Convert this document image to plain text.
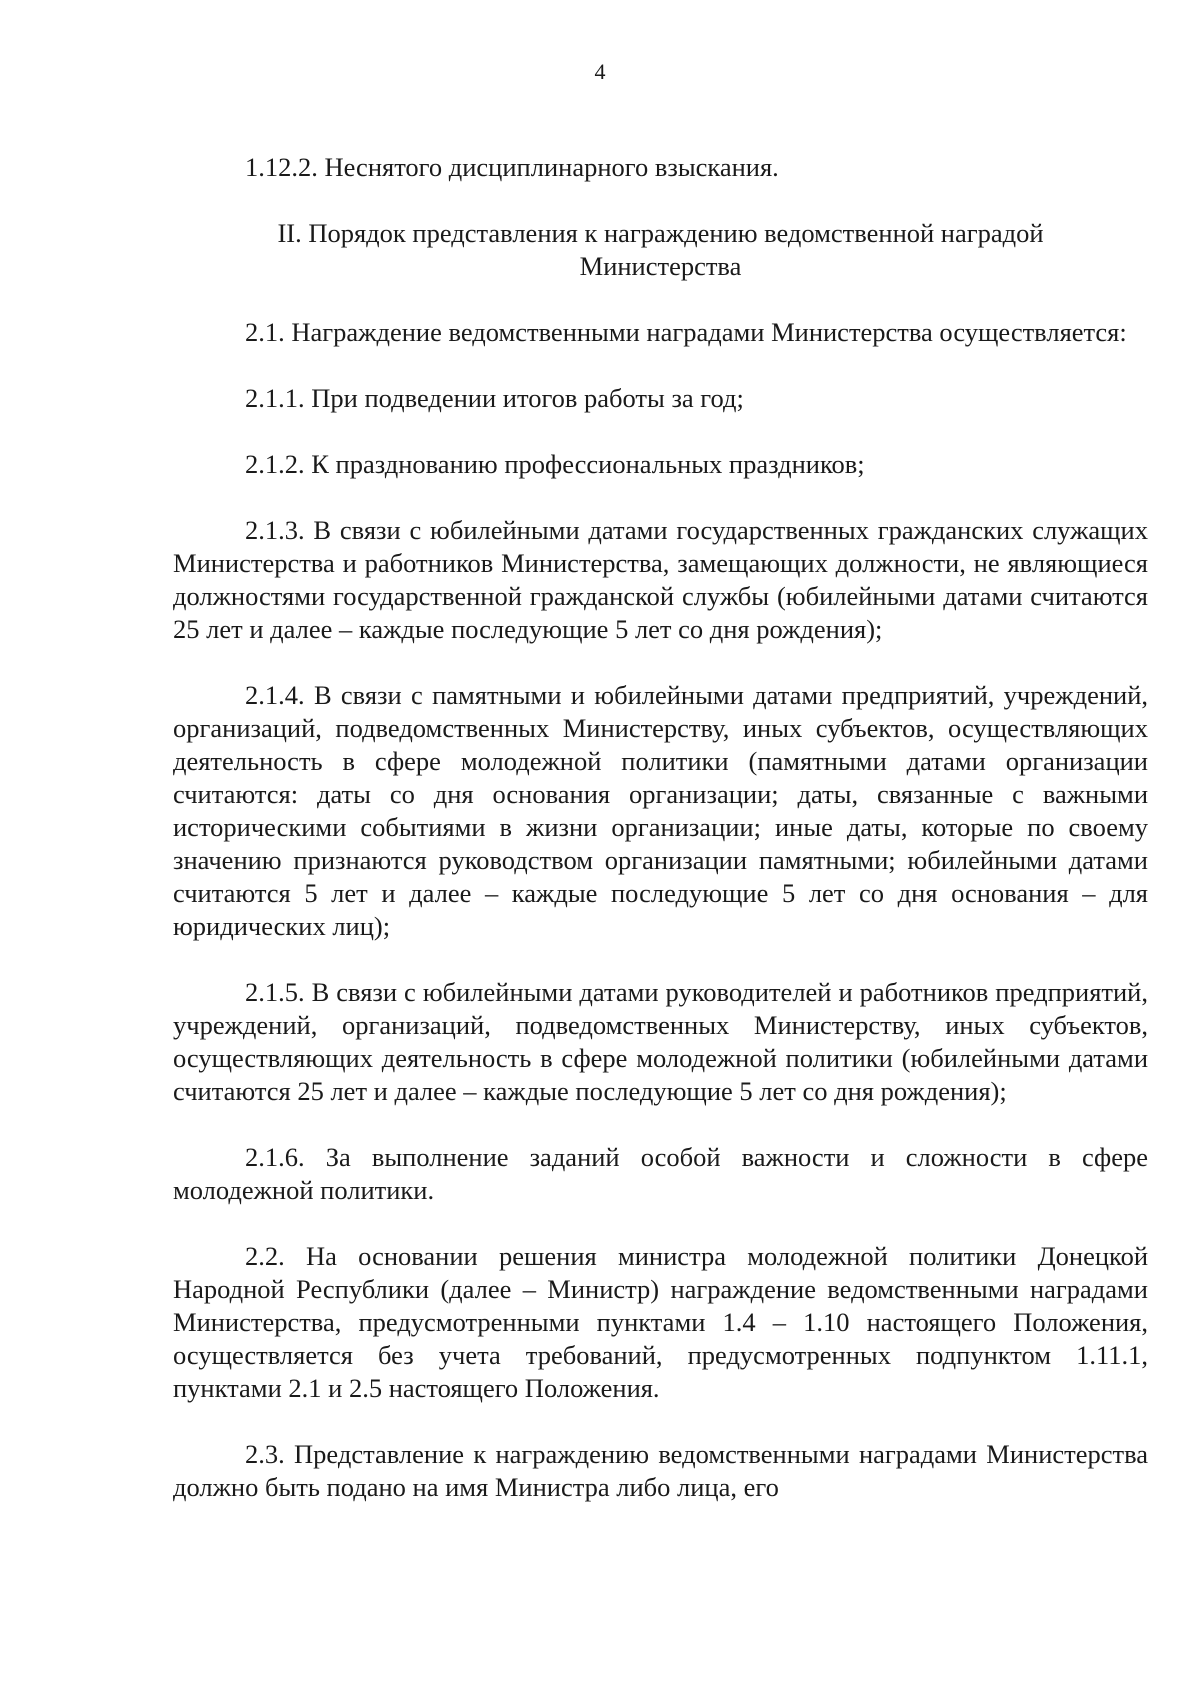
4

1.12.2. Неснятого дисциплинарного взыскания.

II. Порядок представления к награждению ведомственной наградой
Министерства

2.1. Награждение ведомственными наградами Министерства осуществляется:

2.1.1. При подведении итогов работы за год;

2.1.2. К празднованию профессиональных праздников;

2.1.3. В связи с юбилейными датами государственных гражданских служащих Министерства и работников Министерства, замещающих должности, не являющиеся должностями государственной гражданской службы (юбилейными датами считаются 25 лет и далее – каждые последующие 5 лет со дня рождения);

2.1.4. В связи с памятными и юбилейными датами предприятий, учреждений, организаций, подведомственных Министерству, иных субъектов, осуществляющих деятельность в сфере молодежной политики (памятными датами организации считаются: даты со дня основания организации; даты, связанные с важными историческими событиями в жизни организации; иные даты, которые по своему значению признаются руководством организации памятными; юбилейными датами считаются 5 лет и далее – каждые последующие 5 лет со дня основания – для юридических лиц);

2.1.5. В связи с юбилейными датами руководителей и работников предприятий, учреждений, организаций, подведомственных Министерству, иных субъектов, осуществляющих деятельность в сфере молодежной политики (юбилейными датами считаются 25 лет и далее – каждые последующие 5 лет со дня рождения);

2.1.6. За выполнение заданий особой важности и сложности в сфере молодежной политики.

2.2. На основании решения министра молодежной политики Донецкой Народной Республики (далее – Министр) награждение ведомственными наградами Министерства, предусмотренными пунктами 1.4 – 1.10 настоящего Положения, осуществляется без учета требований, предусмотренных подпунктом 1.11.1, пунктами 2.1 и 2.5 настоящего Положения.

2.3. Представление к награждению ведомственными наградами Министерства должно быть подано на имя Министра либо лица, его
